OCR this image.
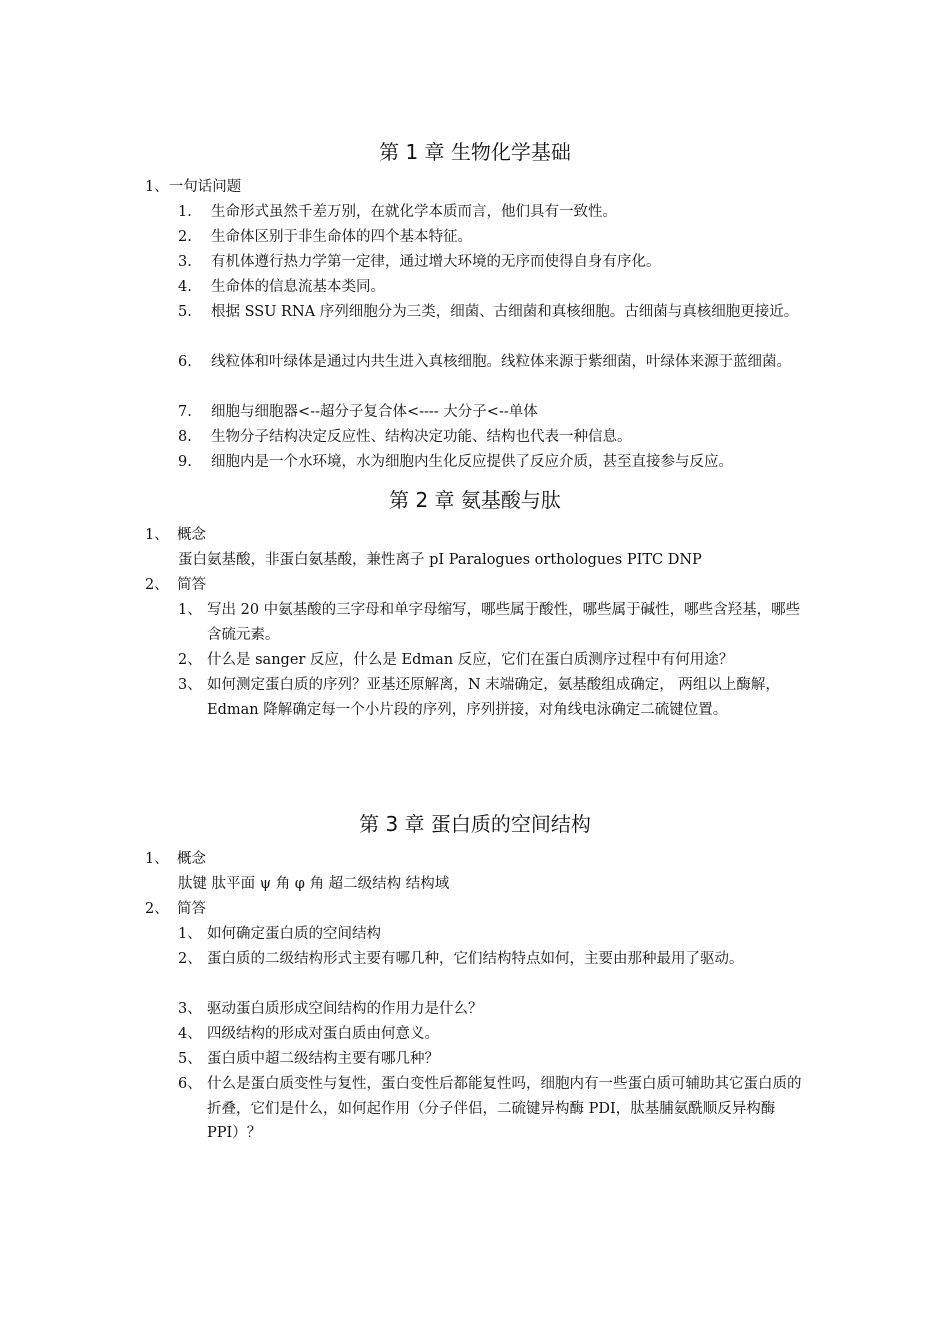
第 1 章 生物化学基础
1、一句话问题
1. 生命形式虽然千差万别，在就化学本质而言，他们具有一致性。
2. 生命体区别于非生命体的四个基本特征。
3. 有机体遵行热力学第一定律，通过增大环境的无序而使得自身有序化。
4. 生命体的信息流基本类同。
5. 根据 SSU RNA 序列细胞分为三类，细菌、古细菌和真核细胞。古细菌与真核细胞更接近。
6. 线粒体和叶绿体是通过内共生进入真核细胞。线粒体来源于紫细菌，叶绿体来源于蓝细菌。
7. 细胞与细胞器<--超分子复合体<---- 大分子<--单体
8. 生物分子结构决定反应性、结构决定功能、结构也代表一种信息。
9. 细胞内是一个水环境，水为细胞内生化反应提供了反应介质，甚至直接参与反应。
第 2 章 氨基酸与肽
1、 概念
蛋白氨基酸，非蛋白氨基酸，兼性离子 pI Paralogues orthologues PITC DNP
2、 简答
1、 写出 20 中氨基酸的三字母和单字母缩写，哪些属于酸性，哪些属于碱性，哪些含羟基，哪些含硫元素。
2、 什么是 sanger 反应，什么是 Edman 反应，它们在蛋白质测序过程中有何用途？
3、 如何测定蛋白质的序列？亚基还原解离，N 末端确定，氨基酸组成确定， 两组以上酶解，Edman 降解确定每一个小片段的序列，序列拼接，对角线电泳确定二硫键位置。
第 3 章 蛋白质的空间结构
1、 概念
肽键 肽平面 ψ 角 φ 角 超二级结构 结构域
2、 简答
1、 如何确定蛋白质的空间结构
2、 蛋白质的二级结构形式主要有哪几种，它们结构特点如何，主要由那种最用了驱动。
3、 驱动蛋白质形成空间结构的作用力是什么？
4、 四级结构的形成对蛋白质由何意义。
5、 蛋白质中超二级结构主要有哪几种？
6、 什么是蛋白质变性与复性，蛋白变性后都能复性吗，细胞内有一些蛋白质可辅助其它蛋白质的折叠，它们是什么，如何起作用（分子伴侣，二硫键异构酶 PDI，肽基脯氨酰顺反异构酶 PPI）？
